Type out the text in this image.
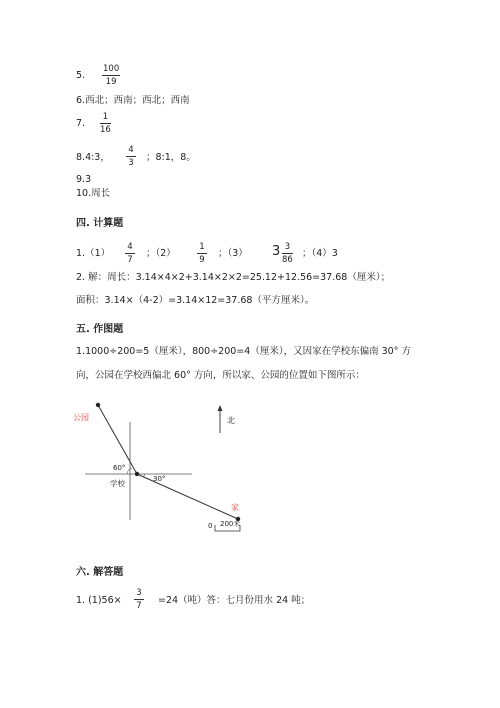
5.
100
19
6.西北；西南；西北；西南
7.
1
16
8.4:3，
4
3 ；8:1，8。
9.3
10.周长
四. 计算题
1.（1）
4
7
；（2）
1
9
；（3） 3 3
86
；（4）3
2. 解：周长：3.14×4×2+3.14×2×2=25.12+12.56=37.68（厘米）；
面积：3.14×（4-2）=3.14×12=37.68（平方厘米）。
五. 作图题
1.1000÷200=5（厘米），800÷200=4（厘米），又因家在学校东偏南 30° 方
向，公园在学校西偏北 60° 方向，所以家、公园的位置如下图所示：
公园	北
学校
60°
30°
家
0 200米
六. 解答题
1. (1)56×
3
7 =24（吨）答：七月份用水 24 吨；
